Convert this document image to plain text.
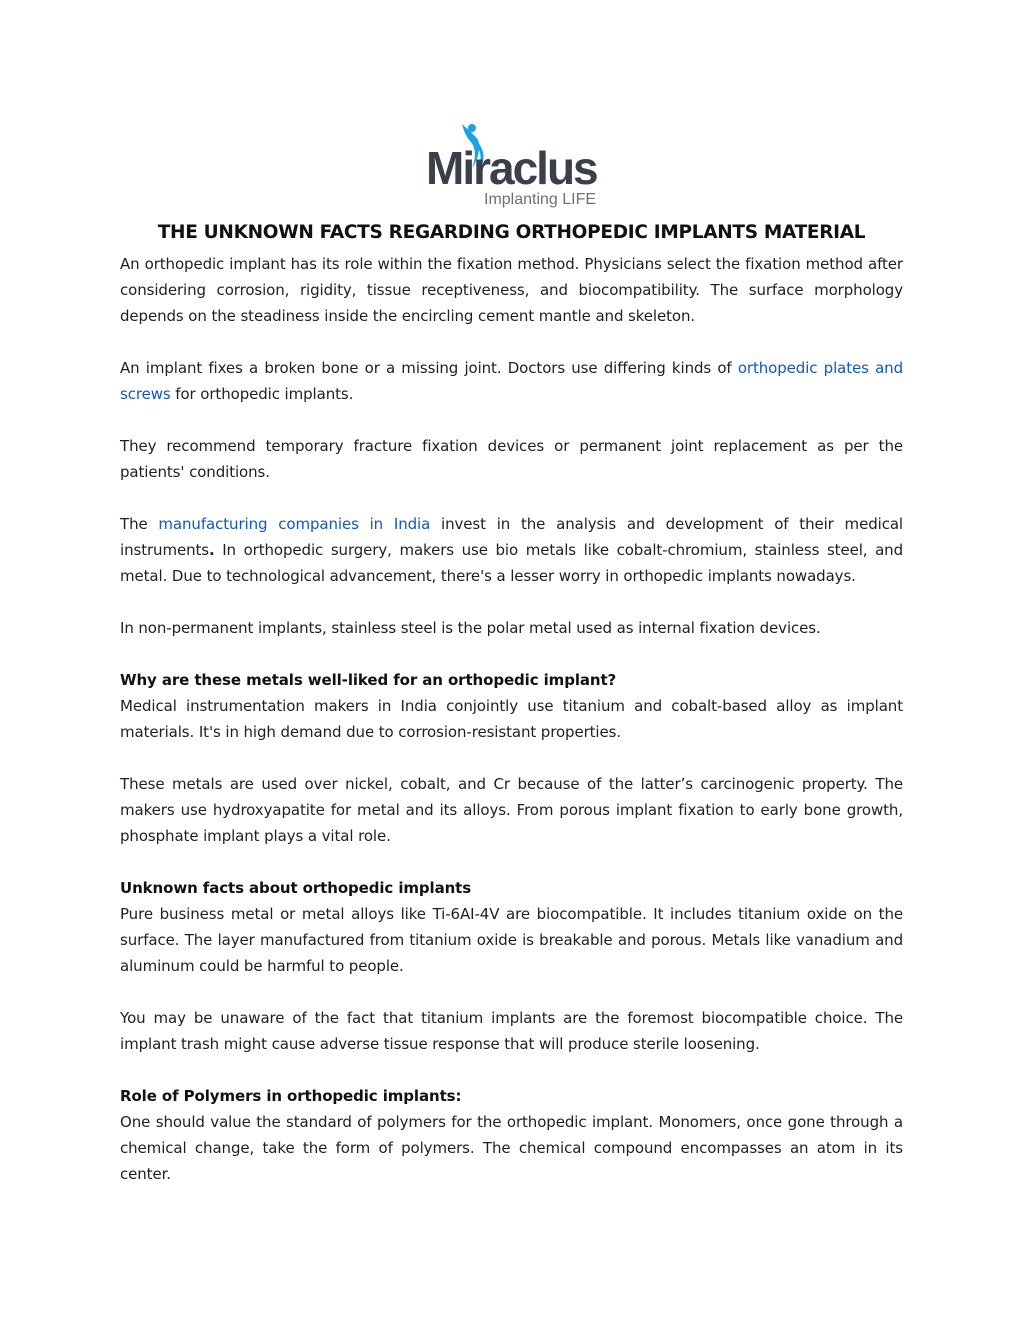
Miraclus
Implanting LIFE
THE UNKNOWN FACTS REGARDING ORTHOPEDIC IMPLANTS MATERIAL

An orthopedic implant has its role within the fixation method. Physicians select the fixation method after considering corrosion, rigidity, tissue receptiveness, and biocompatibility. The surface morphology depends on the steadiness inside the encircling cement mantle and skeleton.

An implant fixes a broken bone or a missing joint. Doctors use differing kinds of orthopedic plates and screws for orthopedic implants.

They recommend temporary fracture fixation devices or permanent joint replacement as per the patients' conditions.

The manufacturing companies in India invest in the analysis and development of their medical instruments. In orthopedic surgery, makers use bio metals like cobalt-chromium, stainless steel, and metal. Due to technological advancement, there's a lesser worry in orthopedic implants nowadays.

In non-permanent implants, stainless steel is the polar metal used as internal fixation devices.

Why are these metals well-liked for an orthopedic implant?

Medical instrumentation makers in India conjointly use titanium and cobalt-based alloy as implant materials. It's in high demand due to corrosion-resistant properties.

These metals are used over nickel, cobalt, and Cr because of the latter’s carcinogenic property. The makers use hydroxyapatite for metal and its alloys. From porous implant fixation to early bone growth, phosphate implant plays a vital role.

Unknown facts about orthopedic implants

Pure business metal or metal alloys like Ti-6AI-4V are biocompatible. It includes titanium oxide on the surface. The layer manufactured from titanium oxide is breakable and porous. Metals like vanadium and aluminum could be harmful to people.

You may be unaware of the fact that titanium implants are the foremost biocompatible choice. The implant trash might cause adverse tissue response that will produce sterile loosening.

Role of Polymers in orthopedic implants:

One should value the standard of polymers for the orthopedic implant. Monomers, once gone through a chemical change, take the form of polymers. The chemical compound encompasses an atom in its center.
